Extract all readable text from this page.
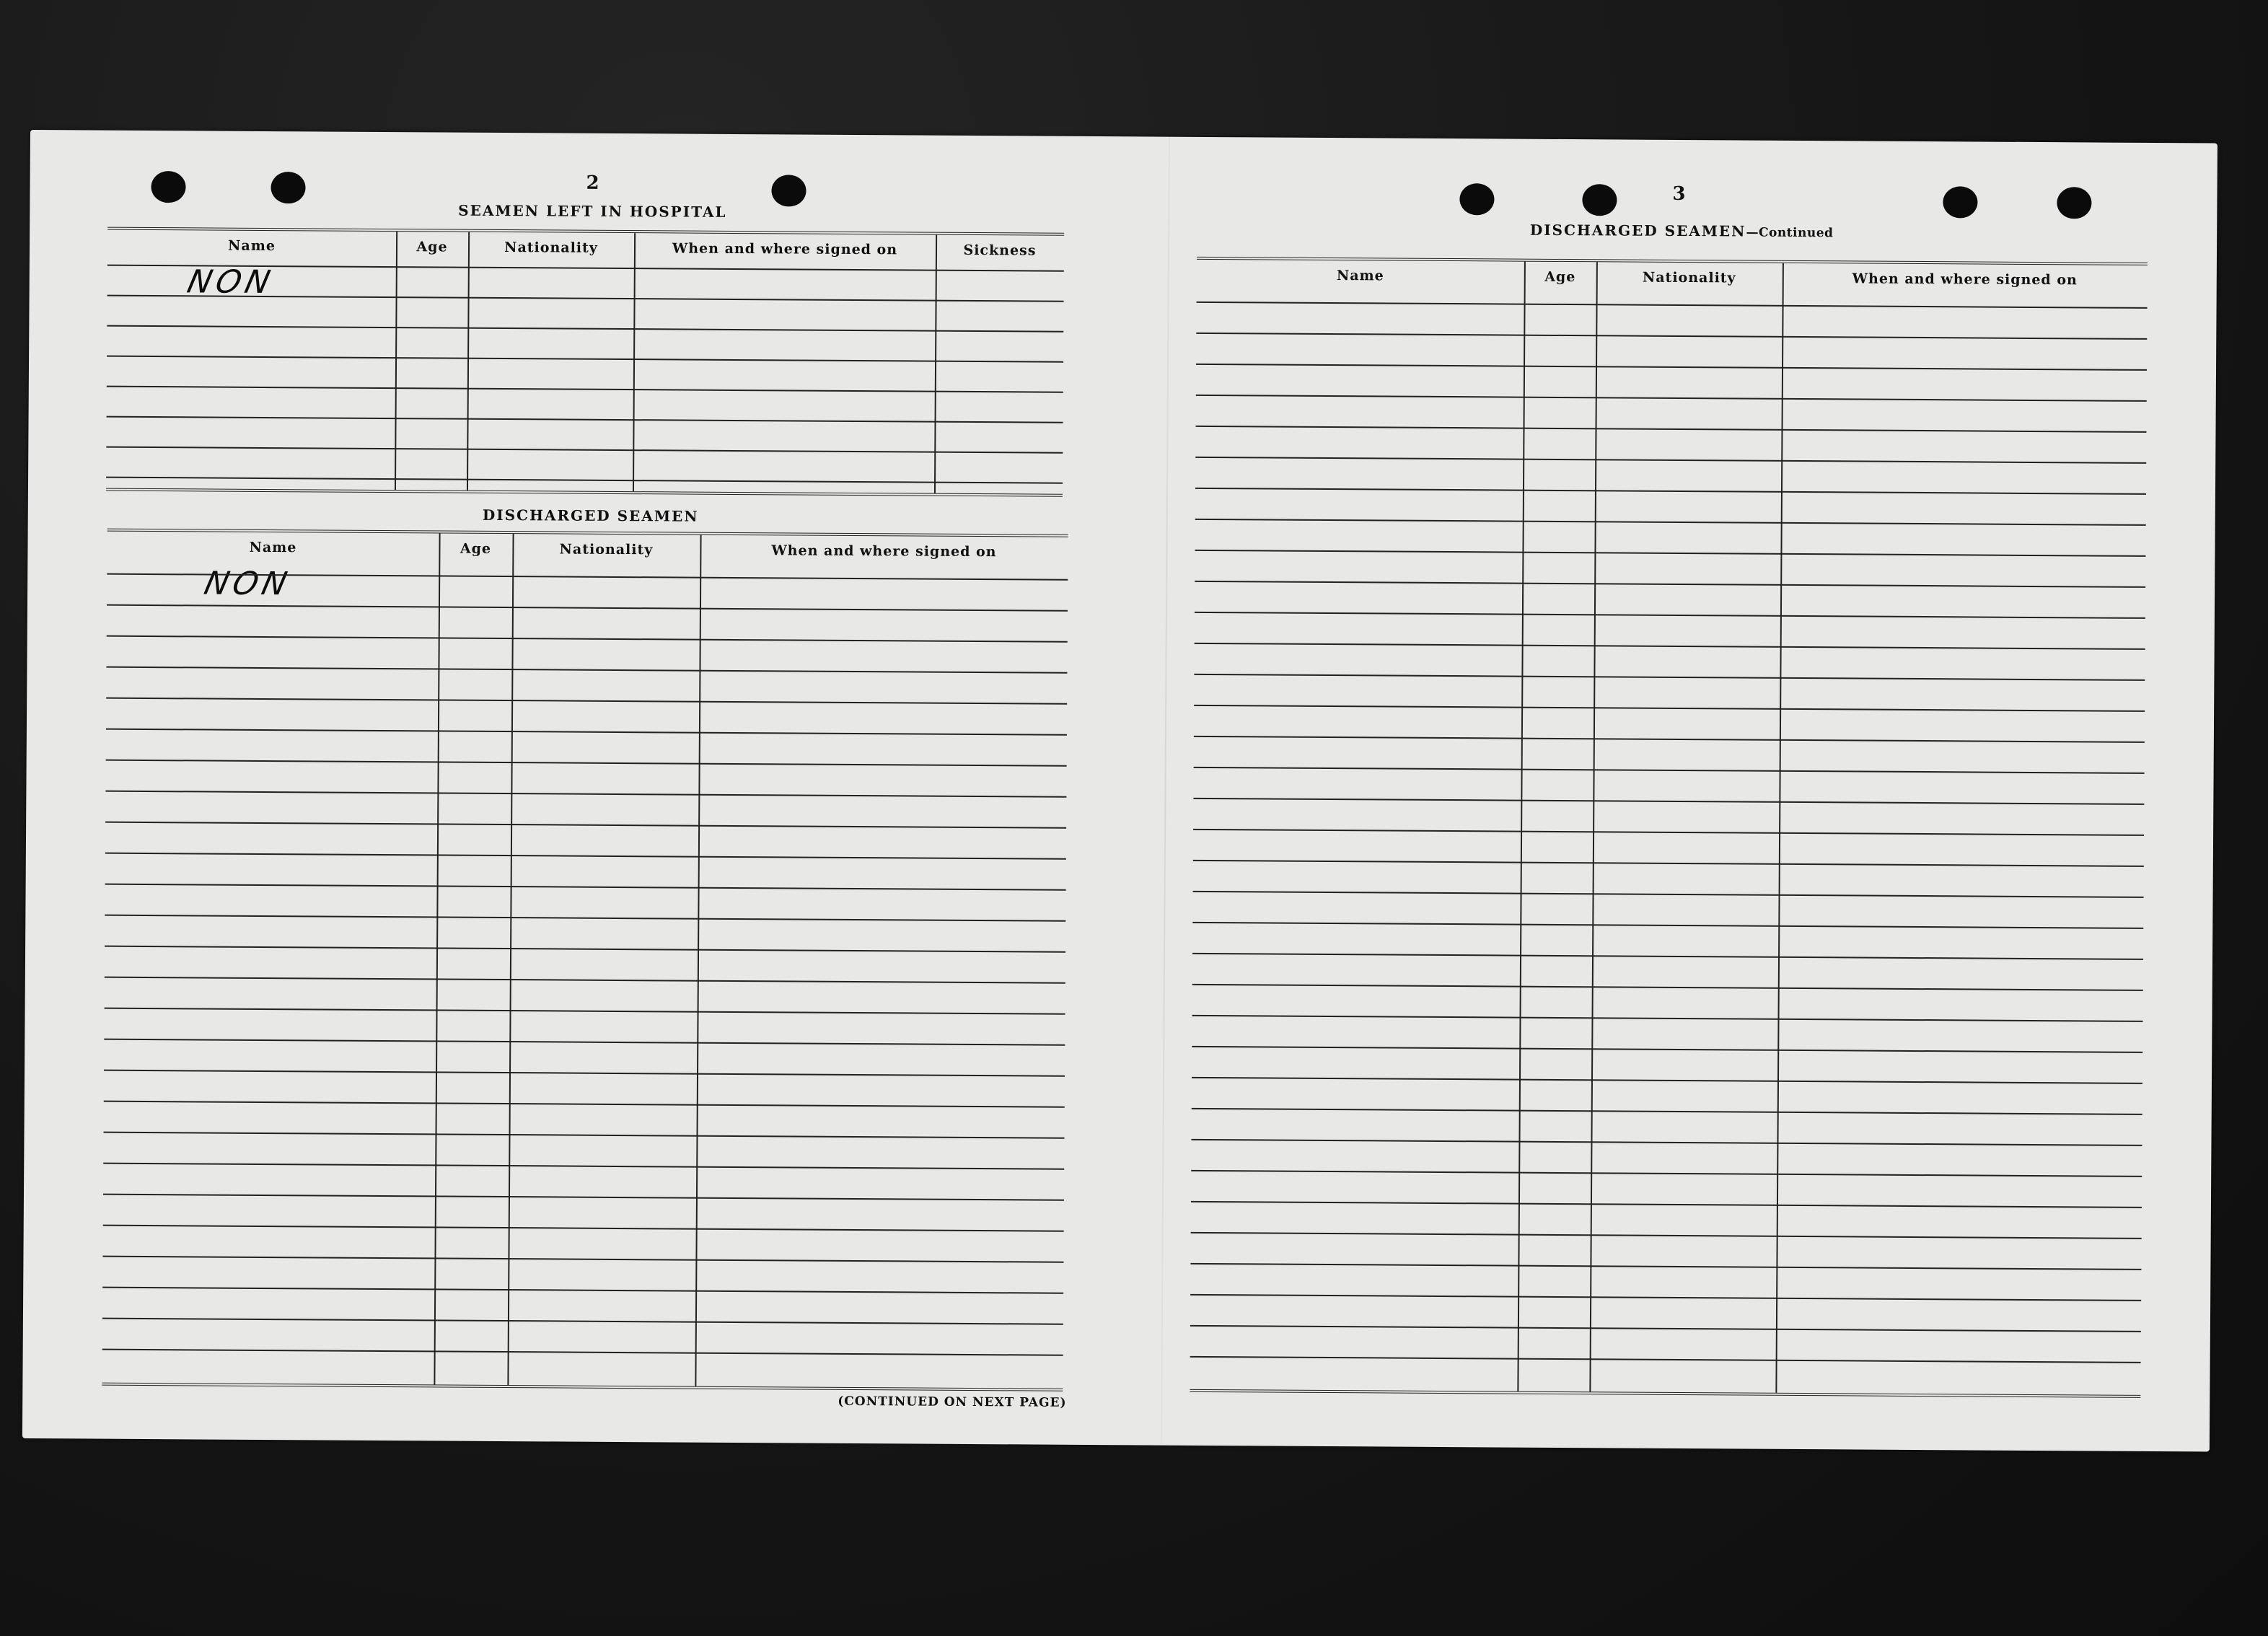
2
SEAMEN LEFT IN HOSPITAL
Name	Age	Nationality	When and where signed on	Sickness
NON
DISCHARGED SEAMEN
Name	Age	Nationality	When and where signed on
NON
(CONTINUED ON NEXT PAGE)
3
DISCHARGED SEAMEN—Continued
Name	Age	Nationality	When and where signed on
